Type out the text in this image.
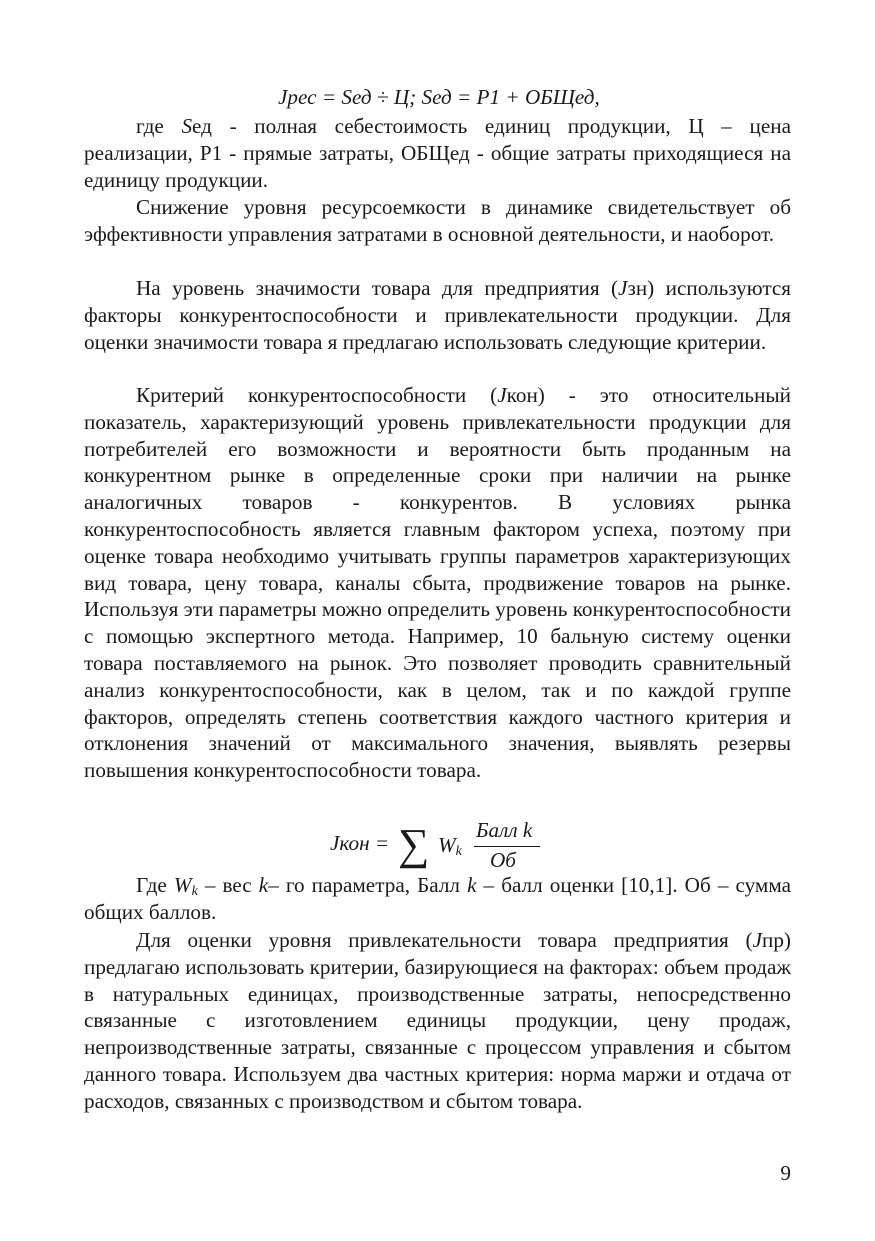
Jрес = Sед ÷ Ц; Sед = P1 + ОБЩед,
где Sед - полная себестоимость единиц продукции, Ц – цена реализации, Р1 - прямые затраты, ОБЩед - общие затраты приходящиеся на единицу продукции.
Снижение уровня ресурсоемкости в динамике свидетельствует об эффективности управления затратами в основной деятельности, и наоборот.
На уровень значимости товара для предприятия (Jзн) используются факторы конкурентоспособности и привлекательности продукции. Для оценки значимости товара я предлагаю использовать следующие критерии.
Критерий конкурентоспособности (Jкон) - это относительный показатель, характеризующий уровень привлекательности продукции для потребителей его возможности и вероятности быть проданным на конкурентном рынке в определенные сроки при наличии на рынке аналогичных товаров - конкурентов. В условиях рынка конкурентоспособность является главным фактором успеха, поэтому при оценке товара необходимо учитывать группы параметров характеризующих вид товара, цену товара, каналы сбыта, продвижение товаров на рынке. Используя эти параметры можно определить уровень конкурентоспособности с помощью экспертного метода. Например, 10 бальную систему оценки товара поставляемого на рынок. Это позволяет проводить сравнительный анализ конкурентоспособности, как в целом, так и по каждой группе факторов, определять степень соответствия каждого частного критерия и отклонения значений от максимального значения, выявлять резервы повышения конкурентоспособности товара.
Jкон = ∑ $W_k$
Балл k
Об
Где $W_k$ – вес k– го параметра, Балл k – балл оценки [10,1]. Об – сумма общих баллов.
Для оценки уровня привлекательности товара предприятия (Jпр) предлагаю использовать критерии, базирующиеся на факторах: объем продаж в натуральных единицах, производственные затраты, непосредственно связанные с изготовлением единицы продукции, цену продаж, непроизводственные затраты, связанные с процессом управления и сбытом данного товара. Используем два частных критерия: норма маржи и отдача от расходов, связанных с производством и сбытом товара.
9
